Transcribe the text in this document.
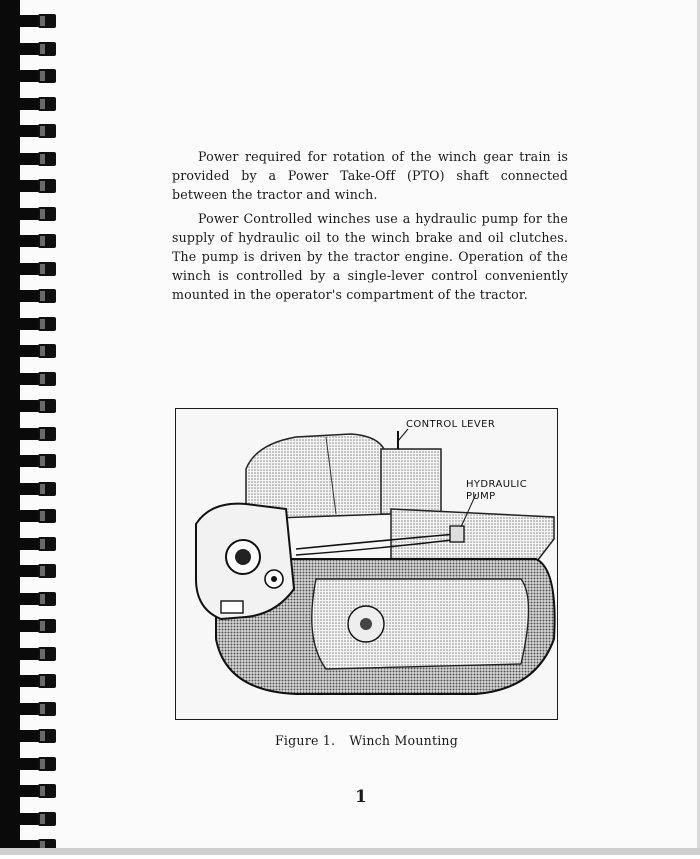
Power required for rotation of the winch gear train is provided by a Power Take-Off (PTO) shaft connected between the tractor and winch.

Power Controlled winches use a hydraulic pump for the supply of hydraulic oil to the winch brake and oil clutches. The pump is driven by the tractor engine. Operation of the winch is controlled by a single-lever control conveniently mounted in the operator's compartment of the tractor.

CONTROL LEVER
HYDRAULIC
PUMP
Figure 1. Winch Mounting
1
